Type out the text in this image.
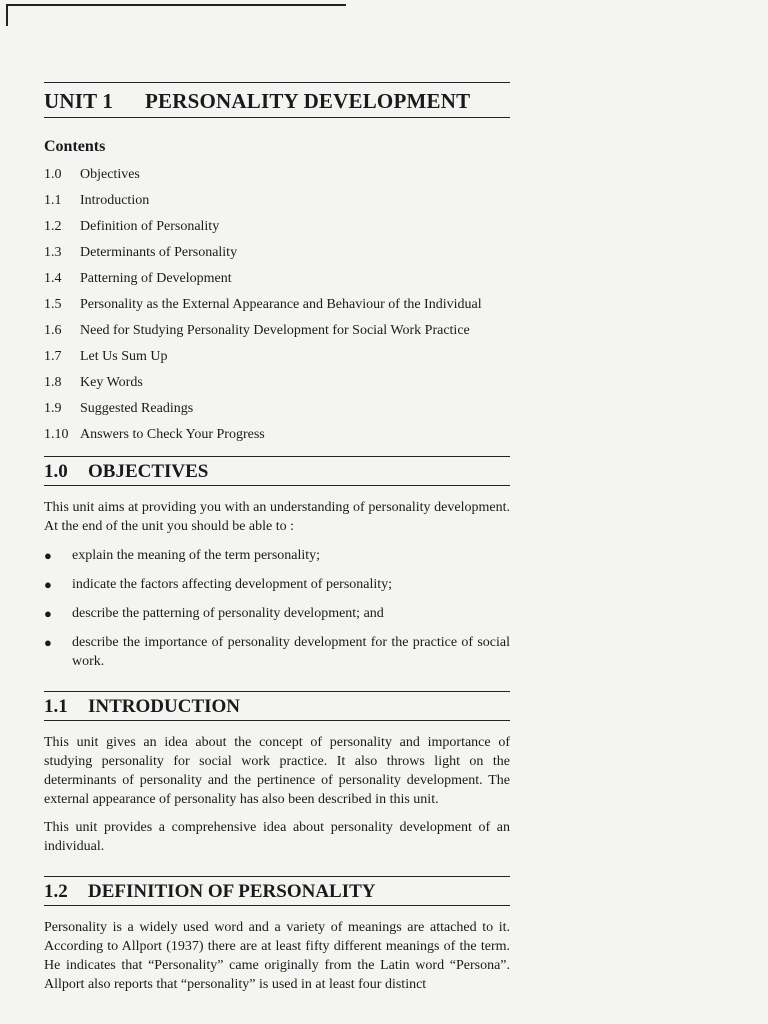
UNIT 1 PERSONALITY DEVELOPMENT
Contents
1.0	Objectives
1.1	Introduction
1.2	Definition of Personality
1.3	Determinants of Personality
1.4	Patterning of Development
1.5	Personality as the External Appearance and Behaviour of the Individual
1.6	Need for Studying Personality Development for Social Work Practice
1.7	Let Us Sum Up
1.8	Key Words
1.9	Suggested Readings
1.10 Answers to Check Your Progress
1.0 OBJECTIVES

This unit aims at providing you with an understanding of personality development. At the end of the unit you should be able to :

●	explain the meaning of the term personality;
●	indicate the factors affecting development of personality;
●	describe the patterning of personality development; and
●	describe the importance of personality development for the practice of social work.
1.1 INTRODUCTION

This unit gives an idea about the concept of personality and importance of studying personality for social work practice. It also throws light on the determinants of personality and the pertinence of personality development. The external appearance of personality has also been described in this unit.

This unit provides a comprehensive idea about personality development of an individual.

1.2 DEFINITION OF PERSONALITY

Personality is a widely used word and a variety of meanings are attached to it. According to Allport (1937) there are at least fifty different meanings of the term. He indicates that “Personality” came originally from the Latin word “Persona”. Allport also reports that “personality” is used in at least four distinct
